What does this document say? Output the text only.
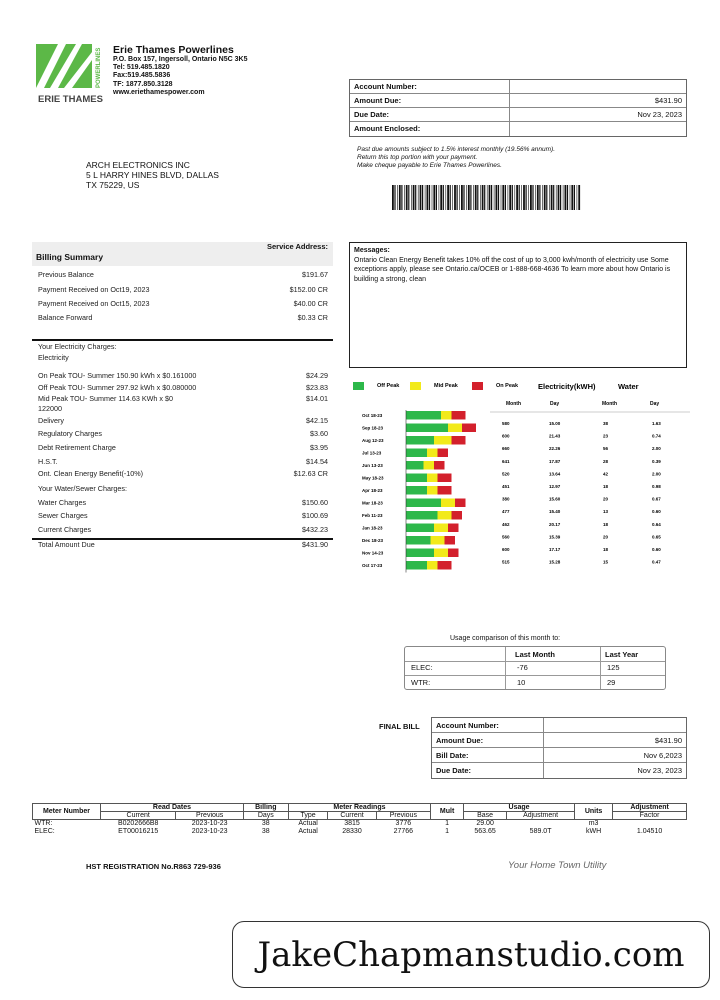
ERIE THAMES
POWERLINES Erie Thames Powerlines
P.O. Box 157, Ingersoll, Ontario N5C 3K5
Tel: 519.485.1820
Fax:519.485.5836
TF: 1877.850.3128
www.eriethamespower.com
Account Number:
Amount Due:	$431.90
Due Date:	Nov 23, 2023
Amount Enclosed:
Past due amounts subject to 1.5% interest monthly (19.56% annum).
Return this top portion with your payment.
Make cheque payable to Erie Thames Powerlines.
ARCH ELECTRONICS INC
5 L HARRY HINES BLVD, DALLAS
TX 75229, US
Billing Summary
Service Address:
Previous Balance	$191.67
Payment Received on Oct19, 2023	$152.00 CR
Payment Received on Oct15, 2023	$40.00 CR
Balance Forward	$0.33 CR
Your Electricity Charges:
Electricity
On Peak TOU- Summer 150.90 kWh x $0.161000	$24.29
Off Peak TOU- Summer 297.92 kWh x $0.080000	$23.83
Mid Peak TOU- Summer 114.63 KWh x $0	$14.01
122000
Delivery	$42.15
Regulatory Charges	$3.60
Debt Retirement Charge	$3.95
H.S.T.	$14.54
Ont. Clean Energy Benefit(-10%)	$12.63 CR
Your Water/Sewer Charges:
Water Charges	$150.60
Sewer Charges	$100.69
Current Charges	$432.23
Total Amount Due	$431.90
Messages:
Ontario Clean Energy Benefit takes 10% off the cost of up to 3,000 kwh/month of electricity use Some exceptions apply, please see Ontario.ca/OCEB or 1-888-668-4636 To learn more about how Ontario is building a strong, clean
Off Peak	Mid Peak	On Peak	Electricity(kWH)	Water
Month	Day	Month	Day
Oct 18-23
Sep 18-23
Aug 12-23
Jul 13-23
Jun 13-23
May 18-23
Apr 18-23
Mar 18-23
Feb 11-23
Jan 18-23
Dec 18-23
Nov 14-23
Oct 17-23
580	15.00	38	1.63
600	21.43	23	0.74
660	22.26	56	2.00
641	17.87	28	0.39
520	13.64	42	2.00
451	12.97	18	0.98
380	15.60	20	0.67
477	15.40	13	0.60
462	20.17	18	0.64
560	15.39	20	0.65
600	17.17	18	0.60
515	15.28	15	0.47
Usage comparison of this month to:
Last Month	Last Year
ELEC:	-76	125
WTR:	10	29
FINAL BILL	Account Number:
Amount Due:	$431.90
Bill Date:	Nov 6,2023
Due Date:	Nov 23, 2023
Meter Number	Read Dates		Billing	Meter Readings			Mult	Usage		Units	Adjustment
	Current	Previous	Days	Type	Current	Previous		Base	Adjustment		Factor
WTR:	B0202666B8	2023-10-23	38	Actual	3815	3776	1	29.00		m3	
ELEC:	ET00016215	2023-10-23	38	Actual	28330	27766	1	563.65	589.0T	kWH	1.04510
HST REGISTRATION No.R863 729-936	Your Home Town Utility
JakeChapmanstudio.com
